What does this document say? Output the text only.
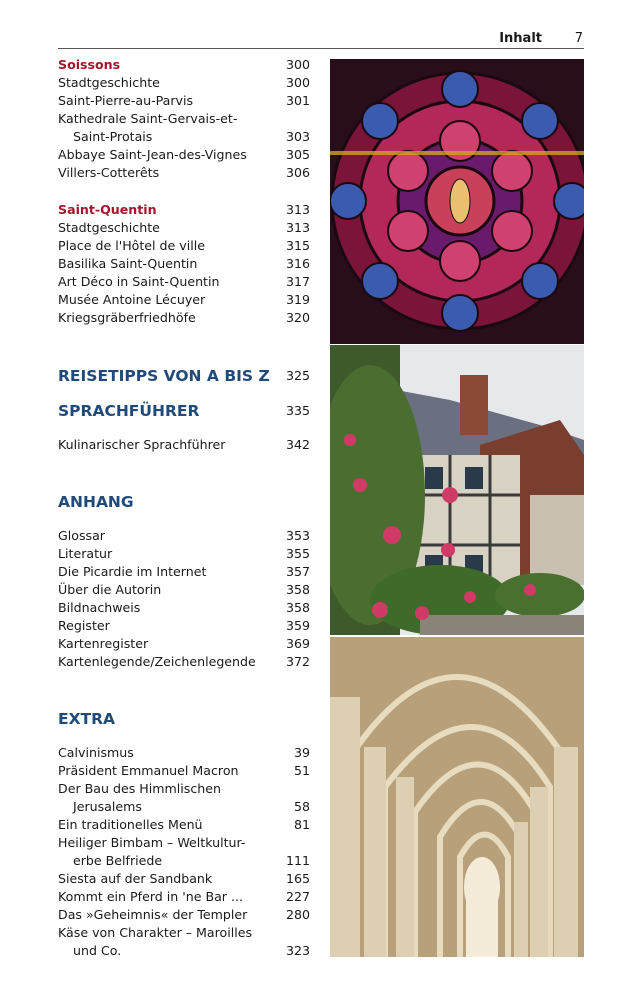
Inhalt	7
Soissons	300
Stadtgeschichte	300
Saint-Pierre-au-Parvis	301
Kathedrale Saint-Gervais-et-
Saint-Protais	303
Abbaye Saint-Jean-des-Vignes	305
Villers-Cotterêts	306
Saint-Quentin	313
Stadtgeschichte	313
Place de l'Hôtel de ville	315
Basilika Saint-Quentin	316
Art Déco in Saint-Quentin	317
Musée Antoine Lécuyer	319
Kriegsgräberfriedhöfe	320
REISETIPPS VON A BIS Z 325
SPRACHFÜHRER	335
Kulinarischer Sprachführer	342
ANHANG
Glossar	353
Literatur	355
Die Picardie im Internet	357
Über die Autorin	358
Bildnachweis	358
Register	359
Kartenregister	369
Kartenlegende/Zeichenlegende 372
EXTRA
Calvinismus	39
Präsident Emmanuel Macron	51
Der Bau des Himmlischen
Jerusalems	58
Ein traditionelles Menü	81
Heiliger Bimbam – Weltkultur-
erbe Belfriede	111
Siesta auf der Sandbank	165
Kommt ein Pferd in 'ne Bar ...	227
Das »Geheimnis« der Templer	280
Käse von Charakter – Maroilles
und Co.	323
